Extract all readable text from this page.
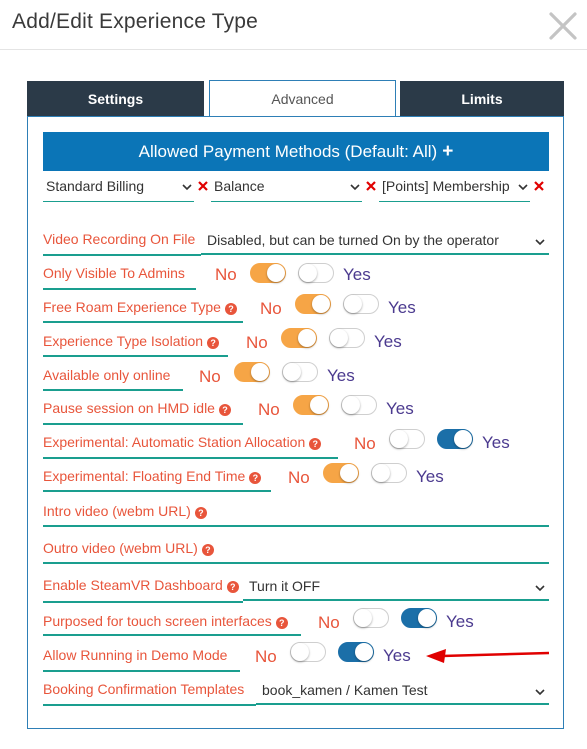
Add/Edit Experience Type
Settings	Advanced	Limits
Allowed Payment Methods (Default: All) +
Standard Billing	Balance	[Points] Membership
Video Recording On File Disabled, but can be turned On by the operator
Only Visible To Admins No	Yes
Free Roam Experience Type ? No	Yes
Experience Type Isolation ? No	Yes
Available only online No	Yes
Pause session on HMD idle ? No	Yes
Experimental: Automatic Station Allocation ? No	Yes
Experimental: Floating End Time ? No	Yes
Intro video (webm URL) ?
Outro video (webm URL) ?
Enable SteamVR Dashboard ? Turn it OFF
Purposed for touch screen interfaces ? No	Yes
Allow Running in Demo Mode No	Yes
Booking Confirmation Templates book_kamen / Kamen Test
